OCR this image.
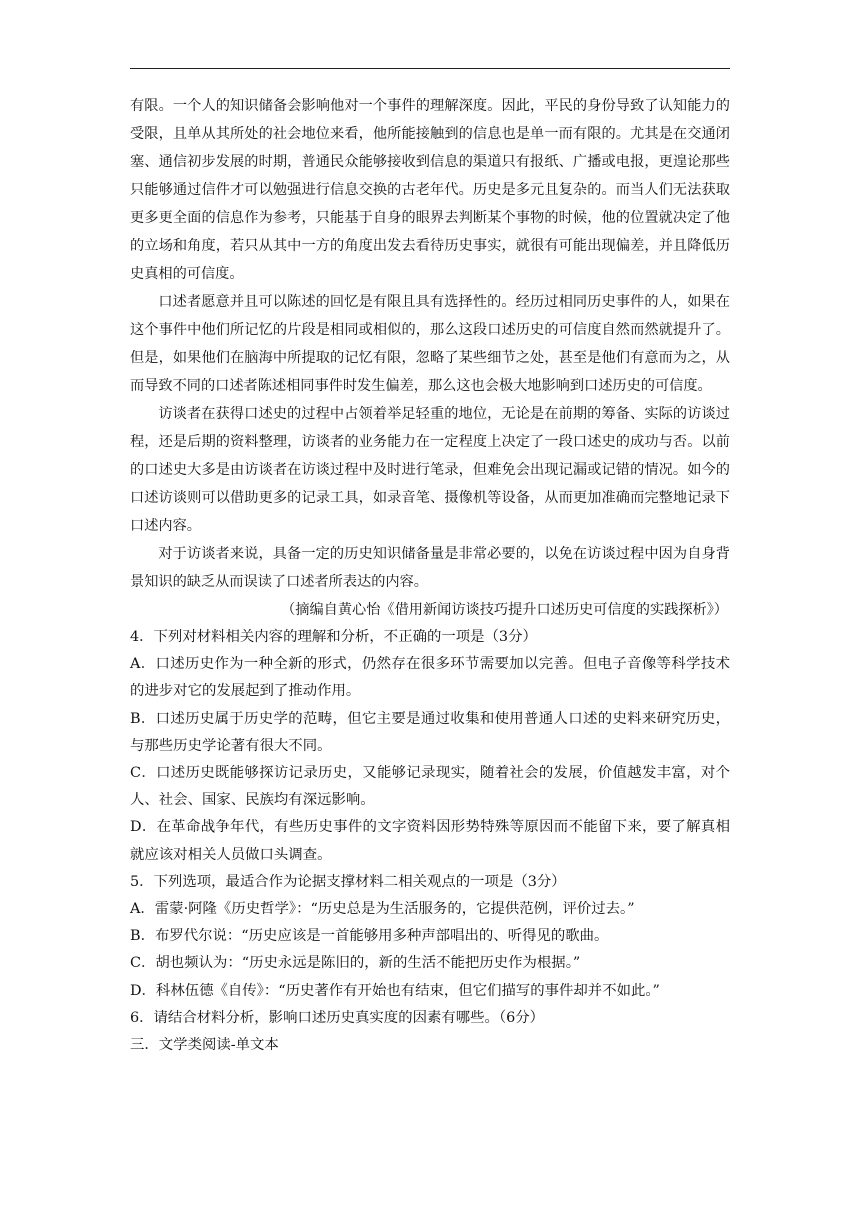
有限。一个人的知识储备会影响他对一个事件的理解深度。因此，平民的身份导致了认知能力的受限，且单从其所处的社会地位来看，他所能接触到的信息也是单一而有限的。尤其是在交通闭塞、通信初步发展的时期，普通民众能够接收到信息的渠道只有报纸、广播或电报，更遑论那些只能够通过信件才可以勉强进行信息交换的古老年代。历史是多元且复杂的。而当人们无法获取更多更全面的信息作为参考，只能基于自身的眼界去判断某个事物的时候，他的位置就决定了他的立场和角度，若只从其中一方的角度出发去看待历史事实，就很有可能出现偏差，并且降低历史真相的可信度。

口述者愿意并且可以陈述的回忆是有限且具有选择性的。经历过相同历史事件的人，如果在这个事件中他们所记忆的片段是相同或相似的，那么这段口述历史的可信度自然而然就提升了。但是，如果他们在脑海中所提取的记忆有限，忽略了某些细节之处，甚至是他们有意而为之，从而导致不同的口述者陈述相同事件时发生偏差，那么这也会极大地影响到口述历史的可信度。

访谈者在获得口述史的过程中占领着举足轻重的地位，无论是在前期的筹备、实际的访谈过程，还是后期的资料整理，访谈者的业务能力在一定程度上决定了一段口述史的成功与否。以前的口述史大多是由访谈者在访谈过程中及时进行笔录，但难免会出现记漏或记错的情况。如今的口述访谈则可以借助更多的记录工具，如录音笔、摄像机等设备，从而更加准确而完整地记录下口述内容。

对于访谈者来说，具备一定的历史知识储备量是非常必要的，以免在访谈过程中因为自身背景知识的缺乏从而误读了口述者所表达的内容。

（摘编自黄心怡《借用新闻访谈技巧提升口述历史可信度的实践探析》）

4．下列对材料相关内容的理解和分析，不正确的一项是（3分）

A．口述历史作为一种全新的形式，仍然存在很多环节需要加以完善。但电子音像等科学技术的进步对它的发展起到了推动作用。

B．口述历史属于历史学的范畴，但它主要是通过收集和使用普通人口述的史料来研究历史，与那些历史学论著有很大不同。

C．口述历史既能够探访记录历史，又能够记录现实，随着社会的发展，价值越发丰富，对个人、社会、国家、民族均有深远影响。

D．在革命战争年代，有些历史事件的文字资料因形势特殊等原因而不能留下来，要了解真相就应该对相关人员做口头调查。

5．下列选项，最适合作为论据支撑材料二相关观点的一项是（3分）

A．雷蒙·阿隆《历史哲学》：“历史总是为生活服务的，它提供范例，评价过去。”

B．布罗代尔说：“历史应该是一首能够用多种声部唱出的、听得见的歌曲。

C．胡也频认为：“历史永远是陈旧的，新的生活不能把历史作为根据。”

D．科林伍德《自传》：“历史著作有开始也有结束，但它们描写的事件却并不如此。”

6．请结合材料分析，影响口述历史真实度的因素有哪些。（6分）

三．文学类阅读-单文本
